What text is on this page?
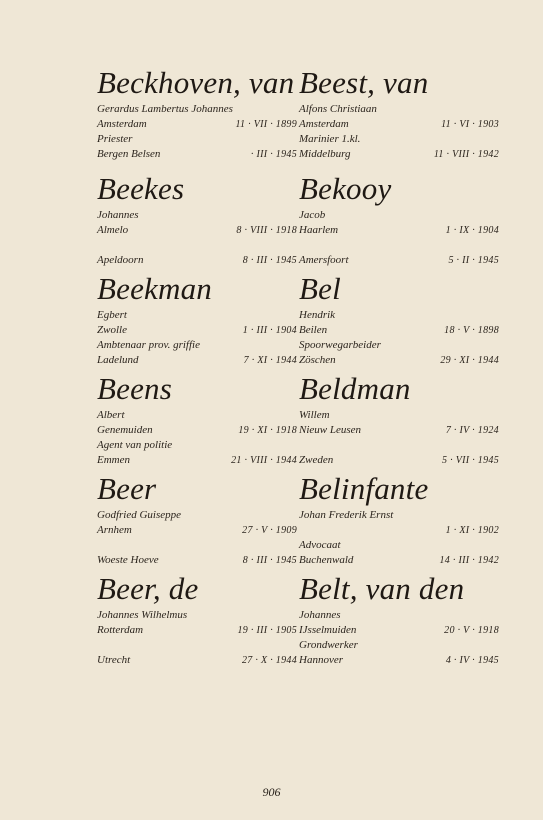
Beckhoven, van
Gerardus Lambertus Johannes
Amsterdam	11 · VII · 1899
Priester
Bergen Belsen	· III · 1945
Beekes
Johannes
Almelo	8 · VIII · 1918

Apeldoorn	8 · III · 1945
Beekman
Egbert
Zwolle	1 · III · 1904
Ambtenaar prov. griffie
Ladelund	7 · XI · 1944
Beens
Albert
Genemuiden	19 · XI · 1918
Agent van politie
Emmen	21 · VIII · 1944
Beer
Godfried Guiseppe
Arnhem	27 · V · 1909

Woeste Hoeve	8 · III · 1945
Beer, de
Johannes Wilhelmus
Rotterdam	19 · III · 1905

Utrecht	27 · X · 1944
Beest, van
Alfons Christiaan
Amsterdam	11 · VI · 1903
Marinier 1.kl.
Middelburg	11 · VIII · 1942
Bekooy
Jacob
Haarlem	1 · IX · 1904

Amersfoort	5 · II · 1945
Bel
Hendrik
Beilen	18 · V · 1898
Spoorwegarbeider
Zöschen	29 · XI · 1944
Beldman
Willem
Nieuw Leusen	7 · IV · 1924

Zweden	5 · VII · 1945
Belinfante
Johan Frederik Ernst

1 · XI · 1902
Advocaat
Buchenwald	14 · III · 1942
Belt, van den
Johannes
IJsselmuiden	20 · V · 1918
Grondwerker
Hannover	4 · IV · 1945
906
